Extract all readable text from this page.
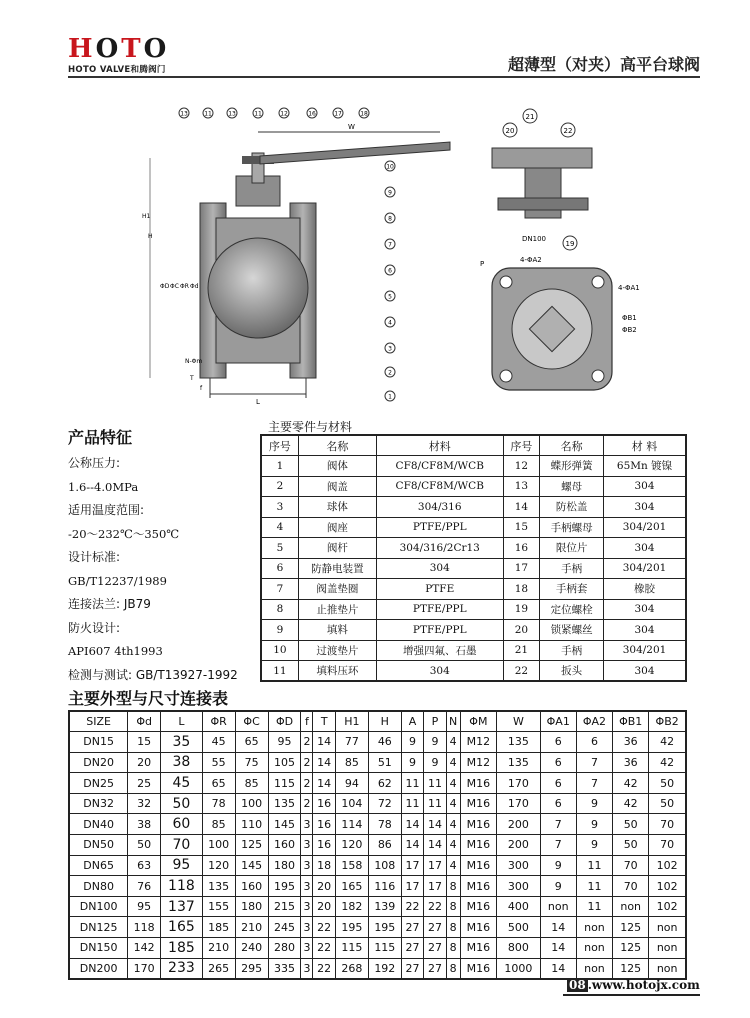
H O T O
HOTO VALVE和腾阀门	超薄型（对夹）高平台球阀
W
H1
H
ΦD ΦC ΦR Φd
N-Φm
T
f
L
13	11	13	11	12	16	17	18
10
9
8
7
6
5
4
3
2
1
21
20	22
DN100
19
P	4-ΦA2
4-ΦA1
ΦB1
ΦB2
产品特征
公称压力:
1.6--4.0MPa
适用温度范围:
-20～232℃～350℃
设计标准:
GB/T12237/1989
连接法兰: JB79
防火设计:
API607 4th1993
检测与测试: GB/T13927-1992
主要零件与材料
序号	名称	材料	序号	名称	材 料
1	阀体	CF8/CF8M/WCB	12	蝶形弹簧	65Mn 镀镍
2	阀盖	CF8/CF8M/WCB	13	螺母	304
3	球体	304/316	14	防松盖	304
4	阀座	PTFE/PPL	15	手柄螺母	304/201
5	阀杆	304/316/2Cr13	16	限位片	304
6	防静电装置	304	17	手柄	304/201
7	阀盖垫圈	PTFE	18	手柄套	橡胶
8	止推垫片	PTFE/PPL	19	定位螺栓	304
9	填料	PTFE/PPL	20	锁紧螺丝	304
10	过渡垫片	增强四氟、石墨	21	手柄	304/201
11	填料压环	304	22	扳头	304
主要外型与尺寸连接表
SIZE	Φd	L	ΦR	ΦC	ΦD	f	T	H1	H	A	P	N	ΦM	W	ΦA1	ΦA2	ΦB1	ΦB2
DN15	15	35	45	65	95	2	14	77	46	9	9	4	M12	135	6	6	36	42
DN20	20	38	55	75	105	2	14	85	51	9	9	4	M12	135	6	7	36	42
DN25	25	45	65	85	115	2	14	94	62	11	11	4	M16	170	6	7	42	50
DN32	32	50	78	100	135	2	16	104	72	11	11	4	M16	170	6	9	42	50
DN40	38	60	85	110	145	3	16	114	78	14	14	4	M16	200	7	9	50	70
DN50	50	70	100	125	160	3	16	120	86	14	14	4	M16	200	7	9	50	70
DN65	63	95	120	145	180	3	18	158	108	17	17	4	M16	300	9	11	70	102
DN80	76	118	135	160	195	3	20	165	116	17	17	8	M16	300	9	11	70	102
DN100	95	137	155	180	215	3	20	182	139	22	22	8	M16	400	non	11	non	102
DN125	118	165	185	210	245	3	22	195	195	27	27	8	M16	500	14	non	125	non
DN150	142	185	210	240	280	3	22	115	115	27	27	8	M16	800	14	non	125	non
DN200	170	233	265	295	335	3	22	268	192	27	27	8	M16	1000	14	non	125	non
08 .www.hotojx.com
